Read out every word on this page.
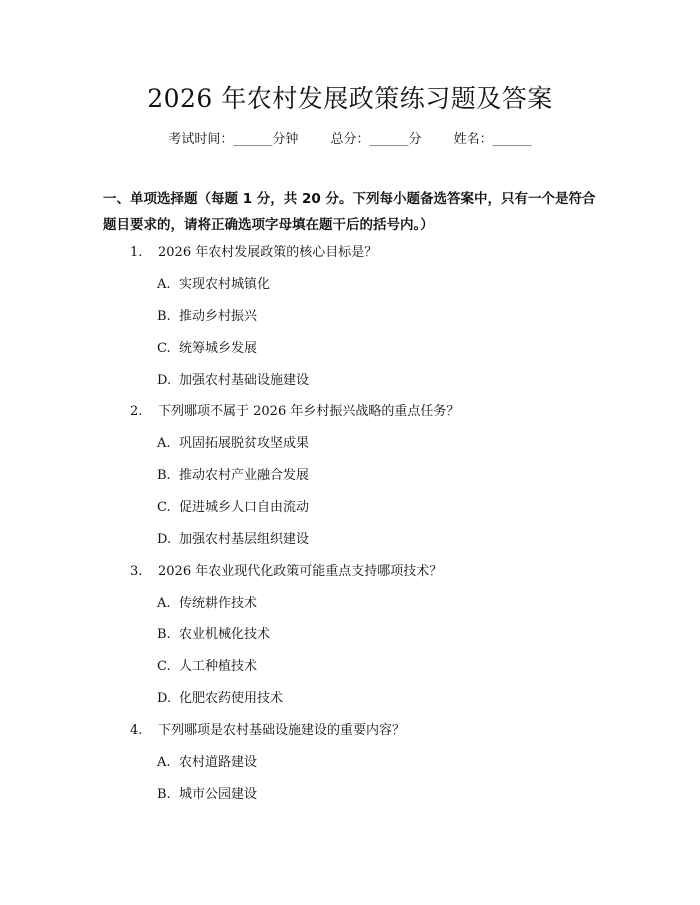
2026 年农村发展政策练习题及答案
考试时间：______分钟 总分：______分 姓名：______
一、单项选择题（每题 1 分，共 20 分。下列每小题备选答案中，只有一个是符合题目要求的，请将正确选项字母填在题干后的括号内。）
1. 2026 年农村发展政策的核心目标是？
A. 实现农村城镇化
B. 推动乡村振兴
C. 统筹城乡发展
D. 加强农村基础设施建设
2. 下列哪项不属于 2026 年乡村振兴战略的重点任务？
A. 巩固拓展脱贫攻坚成果
B. 推动农村产业融合发展
C. 促进城乡人口自由流动
D. 加强农村基层组织建设
3. 2026 年农业现代化政策可能重点支持哪项技术？
A. 传统耕作技术
B. 农业机械化技术
C. 人工种植技术
D. 化肥农药使用技术
4. 下列哪项是农村基础设施建设的重要内容？
A. 农村道路建设
B. 城市公园建设
